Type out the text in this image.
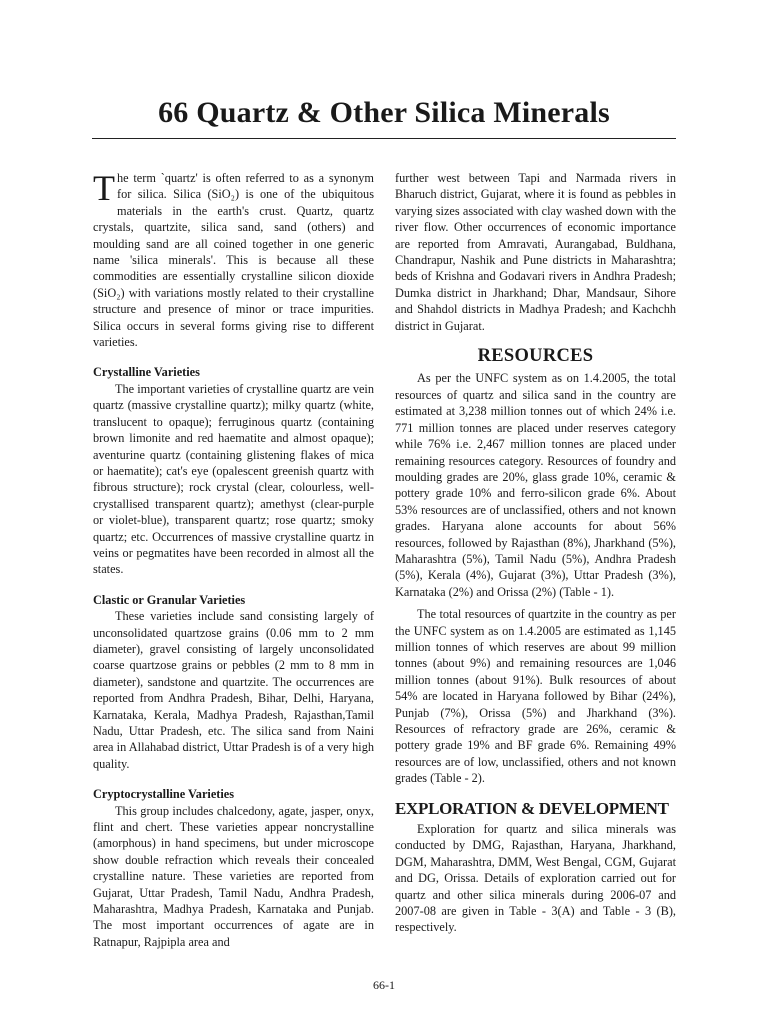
66 Quartz & Other Silica Minerals

The term `quartz' is often referred to as a synonym for silica. Silica (SiO₂) is one of the ubiquitous materials in the earth's crust. Quartz, quartz crystals, quartzite, silica sand, sand (others) and moulding sand are all coined together in one generic name 'silica minerals'. This is because all these commodities are essentially crystalline silicon dioxide (SiO₂) with variations mostly related to their crystalline structure and presence of minor or trace impurities. Silica occurs in several forms giving rise to different varieties.

Crystalline Varieties

The important varieties of crystalline quartz are vein quartz (massive crystalline quartz); milky quartz (white, translucent to opaque); ferruginous quartz (containing brown limonite and red haematite and almost opaque); aventurine quartz (containing glistening flakes of mica or haematite); cat's eye (opalescent greenish quartz with fibrous structure); rock crystal (clear, colourless, well-crystallised transparent quartz); amethyst (clear-purple or violet-blue), transparent quartz; rose quartz; smoky quartz; etc. Occurrences of massive crystalline quartz in veins or pegmatites have been recorded in almost all the states.

Clastic or Granular Varieties

These varieties include sand consisting largely of unconsolidated quartzose grains (0.06 mm to 2 mm diameter), gravel consisting of largely unconsolidated coarse quartzose grains or pebbles (2 mm to 8 mm in diameter), sandstone and quartzite. The occurrences are reported from Andhra Pradesh, Bihar, Delhi, Haryana, Karnataka, Kerala, Madhya Pradesh, Rajasthan,Tamil Nadu, Uttar Pradesh, etc. The silica sand from Naini area in Allahabad district, Uttar Pradesh is of a very high quality.

Cryptocrystalline Varieties

This group includes chalcedony, agate, jasper, onyx, flint and chert. These varieties appear noncrystalline (amorphous) in hand specimens, but under microscope show double refraction which reveals their concealed crystalline nature. These varieties are reported from Gujarat, Uttar Pradesh, Tamil Nadu, Andhra Pradesh, Maharashtra, Madhya Pradesh, Karnataka and Punjab. The most important occurrences of agate are in Ratnapur, Rajpipla area and

further west between Tapi and Narmada rivers in Bharuch district, Gujarat, where it is found as pebbles in varying sizes associated with clay washed down with the river flow. Other occurrences of economic importance are reported from Amravati, Aurangabad, Buldhana, Chandrapur, Nashik and Pune districts in Maharashtra; beds of Krishna and Godavari rivers in Andhra Pradesh; Dumka district in Jharkhand; Dhar, Mandsaur, Sihore and Shahdol districts in Madhya Pradesh; and Kachchh district in Gujarat.

RESOURCES

As per the UNFC system as on 1.4.2005, the total resources of quartz and silica sand in the country are estimated at 3,238 million tonnes out of which 24% i.e. 771 million tonnes are placed under reserves category while 76% i.e. 2,467 million tonnes are placed under remaining resources category. Resources of foundry and moulding grades are 20%, glass grade 10%, ceramic & pottery grade 10% and ferro-silicon grade 6%. About 53% resources are of unclassified, others and not known grades. Haryana alone accounts for about 56% resources, followed by Rajasthan (8%), Jharkhand (5%), Maharashtra (5%), Tamil Nadu (5%), Andhra Pradesh (5%), Kerala (4%), Gujarat (3%), Uttar Pradesh (3%), Karnataka (2%) and Orissa (2%) (Table - 1).

The total resources of quartzite in the country as per the UNFC system as on 1.4.2005 are estimated as 1,145 million tonnes of which reserves are about 99 million tonnes (about 9%) and remaining resources are 1,046 million tonnes (about 91%). Bulk resources of about 54% are located in Haryana followed by Bihar (24%), Punjab (7%), Orissa (5%) and Jharkhand (3%). Resources of refractory grade are 26%, ceramic & pottery grade 19% and BF grade 6%. Remaining 49% resources are of low, unclassified, others and not known grades (Table - 2).

EXPLORATION & DEVELOPMENT

Exploration for quartz and silica minerals was conducted by DMG, Rajasthan, Haryana, Jharkhand, DGM, Maharashtra, DMM, West Bengal, CGM, Gujarat and DG, Orissa. Details of exploration carried out for quartz and other silica minerals during 2006-07 and 2007-08 are given in Table - 3(A) and Table - 3 (B), respectively.

66-1
